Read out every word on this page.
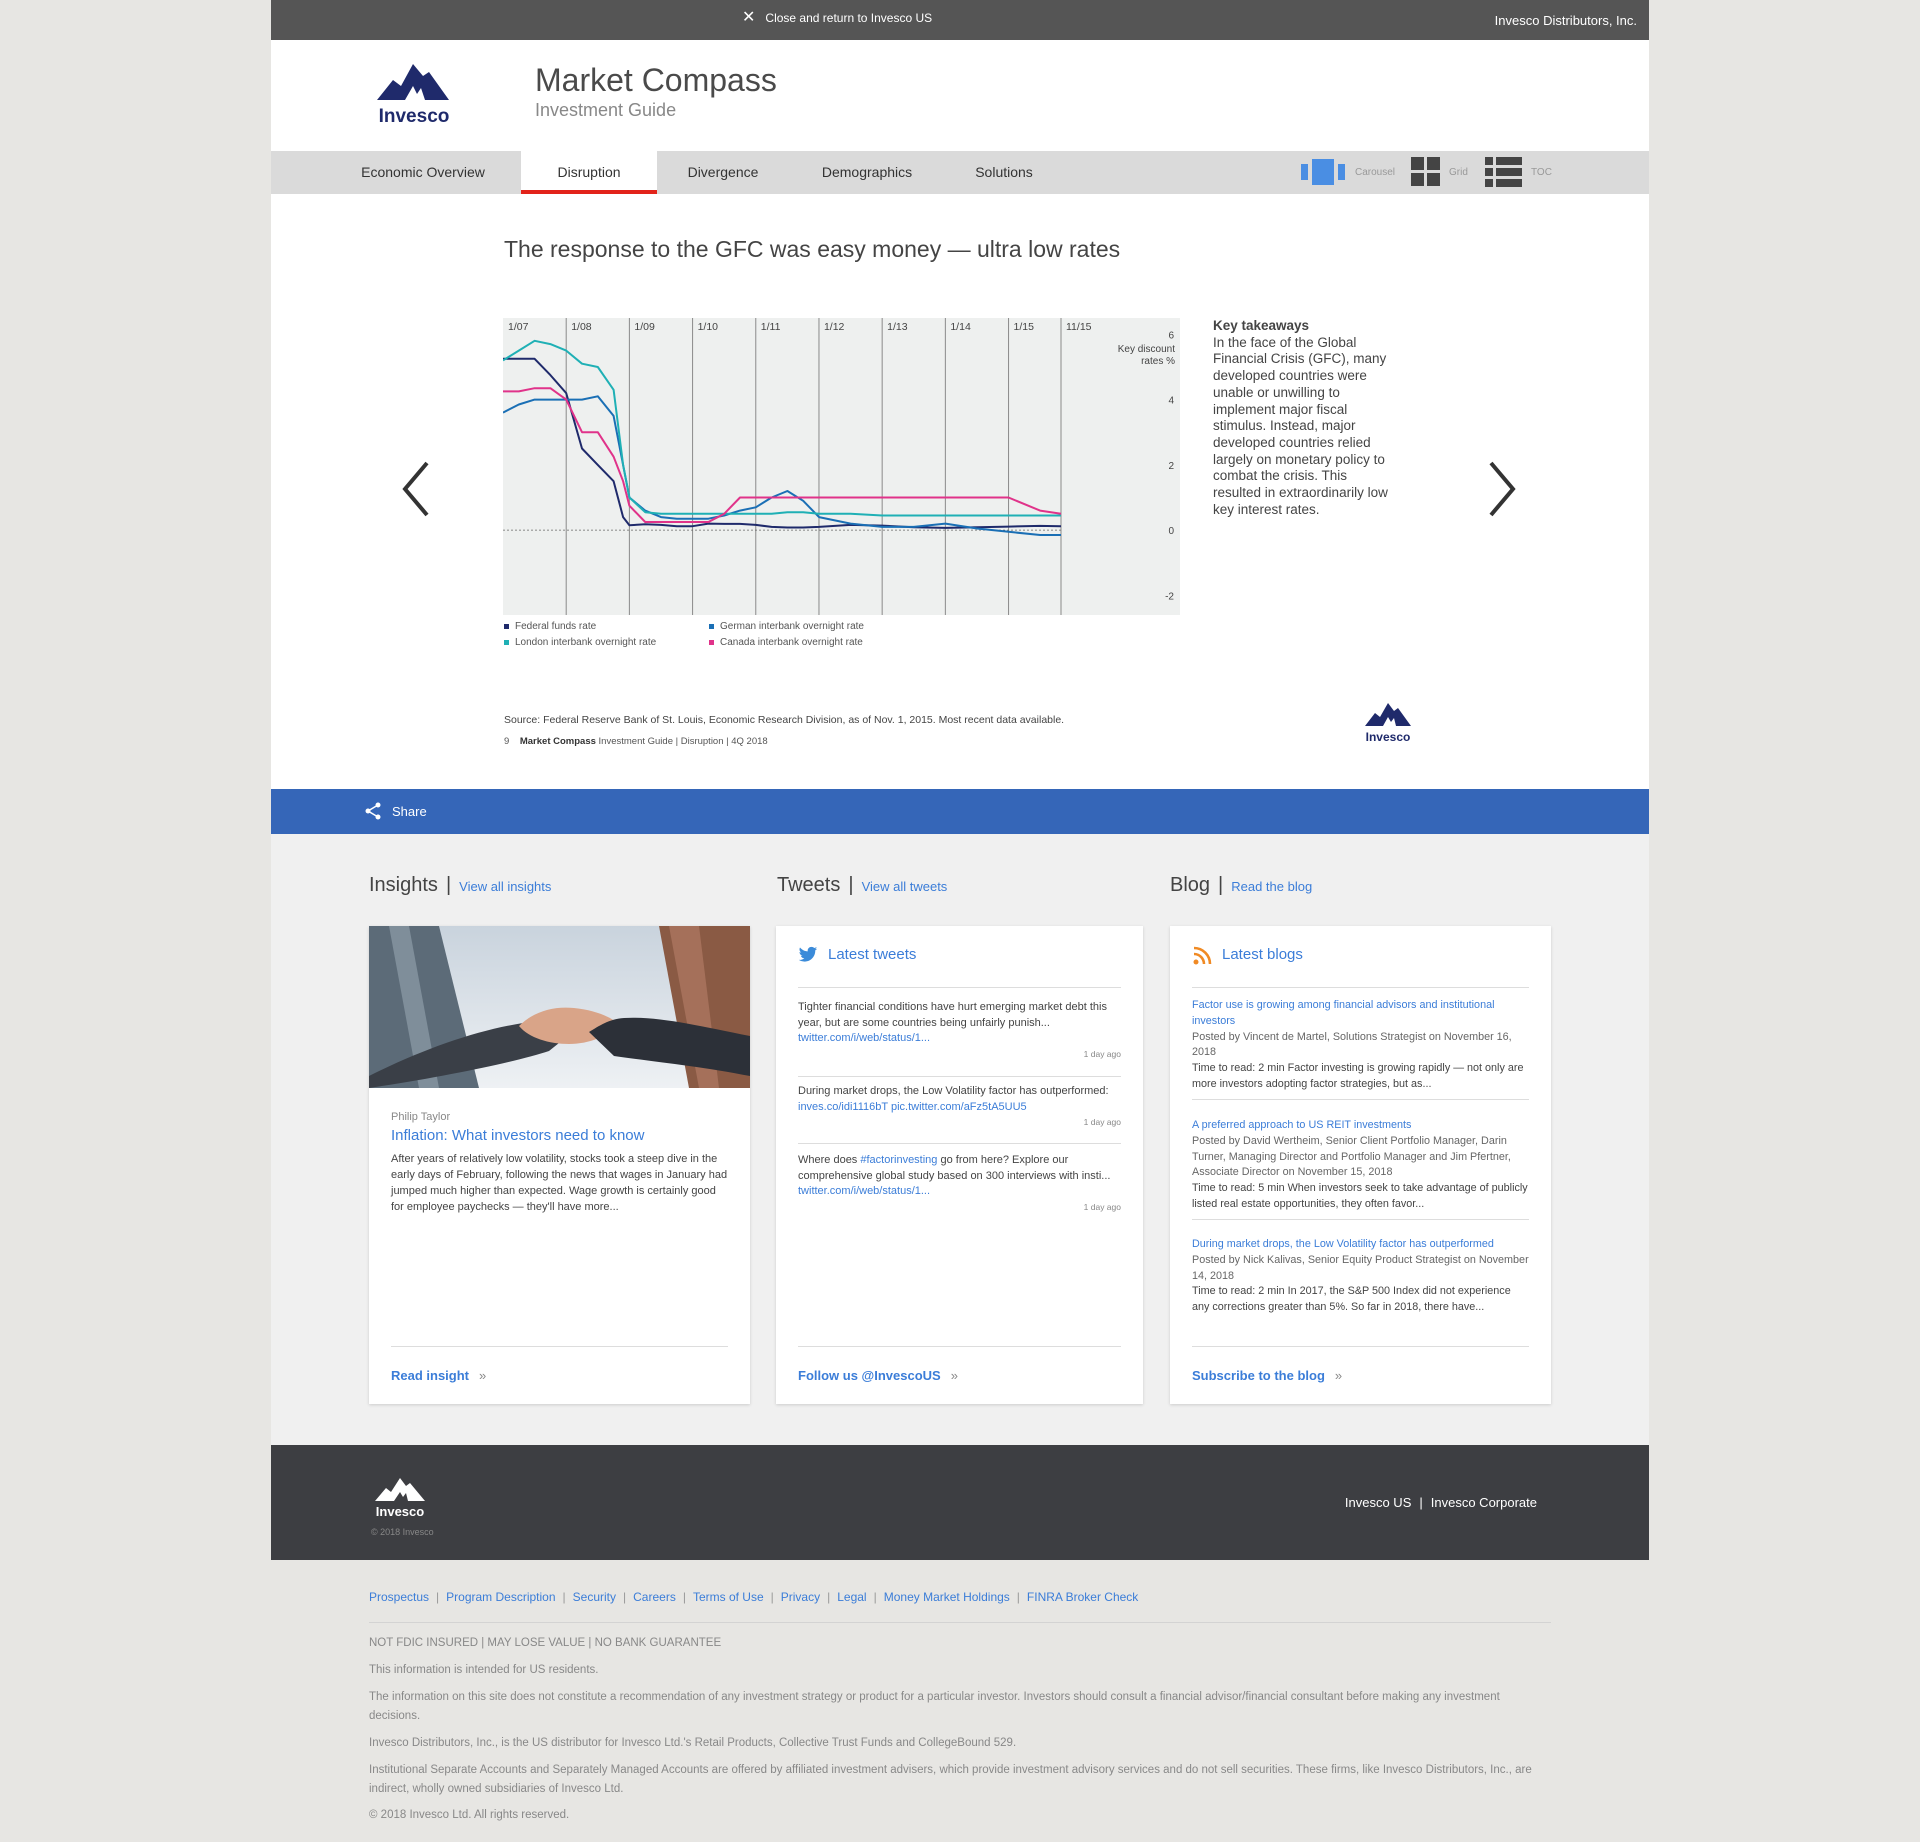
✕ Close and return to Invesco US	Invesco Distributors, Inc.
Invesco
Market Compass
Investment Guide
Economic Overview	Disruption	Divergence	Demographics	Solutions	Carousel	Grid	TOC
The response to the GFC was easy money — ultra low rates
1/07	1/08	1/09	1/10	1/11	1/12	1/13	1/14	1/15	11/15
Key discount
rates %
6
4
2
0
-2
Federal funds rate
London interbank overnight rate
German interbank overnight rate
Canada interbank overnight rate
Key takeaways
In the face of the Global Financial Crisis (GFC), many developed countries were unable or unwilling to implement major fiscal stimulus. Instead, major developed countries relied largely on monetary policy to combat the crisis. This resulted in extraordinarily low key interest rates.
Source: Federal Reserve Bank of St. Louis, Economic Research Division, as of Nov. 1, 2015. Most recent data available.
9 Market Compass Investment Guide | Disruption | 4Q 2018	Invesco
Share
Insights | View all insights	Tweets | View all tweets	Blog | Read the blog
Philip Taylor
Inflation: What investors need to know
After years of relatively low volatility, stocks took a steep dive in the early days of February, following the news that wages in January had jumped much higher than expected. Wage growth is certainly good for employee paychecks — they'll have more...
Read insight »
Latest tweets
Tighter financial conditions have hurt emerging market debt this year, but are some countries being unfairly punish... twitter.com/i/web/status/1...
1 day ago
During market drops, the Low Volatility factor has outperformed: inves.co/idi1116bT pic.twitter.com/aFz5tA5UU5
1 day ago
Where does #factorinvesting go from here? Explore our comprehensive global study based on 300 interviews with insti... twitter.com/i/web/status/1...
1 day ago
Follow us @InvescoUS »
Latest blogs
Factor use is growing among financial advisors and institutional investors
Posted by Vincent de Martel, Solutions Strategist on November 16, 2018
Time to read: 2 min Factor investing is growing rapidly — not only are more investors adopting factor strategies, but as...
A preferred approach to US REIT investments
Posted by David Wertheim, Senior Client Portfolio Manager, Darin Turner, Managing Director and Portfolio Manager and Jim Pfertner, Associate Director on November 15, 2018
Time to read: 5 min When investors seek to take advantage of publicly listed real estate opportunities, they often favor...
During market drops, the Low Volatility factor has outperformed
Posted by Nick Kalivas, Senior Equity Product Strategist on November 14, 2018
Time to read: 2 min In 2017, the S&P 500 Index did not experience any corrections greater than 5%. So far in 2018, there have...
Subscribe to the blog »
Invesco
© 2018 Invesco
Invesco US | Invesco Corporate
Prospectus | Program Description | Security | Careers | Terms of Use | Privacy | Legal | Money Market Holdings | FINRA Broker Check
NOT FDIC INSURED | MAY LOSE VALUE | NO BANK GUARANTEE
This information is intended for US residents.
The information on this site does not constitute a recommendation of any investment strategy or product for a particular investor. Investors should consult a financial advisor/financial consultant before making any investment decisions.
Invesco Distributors, Inc., is the US distributor for Invesco Ltd.'s Retail Products, Collective Trust Funds and CollegeBound 529.
Institutional Separate Accounts and Separately Managed Accounts are offered by affiliated investment advisers, which provide investment advisory services and do not sell securities. These firms, like Invesco Distributors, Inc., are indirect, wholly owned subsidiaries of Invesco Ltd.
© 2018 Invesco Ltd. All rights reserved.
